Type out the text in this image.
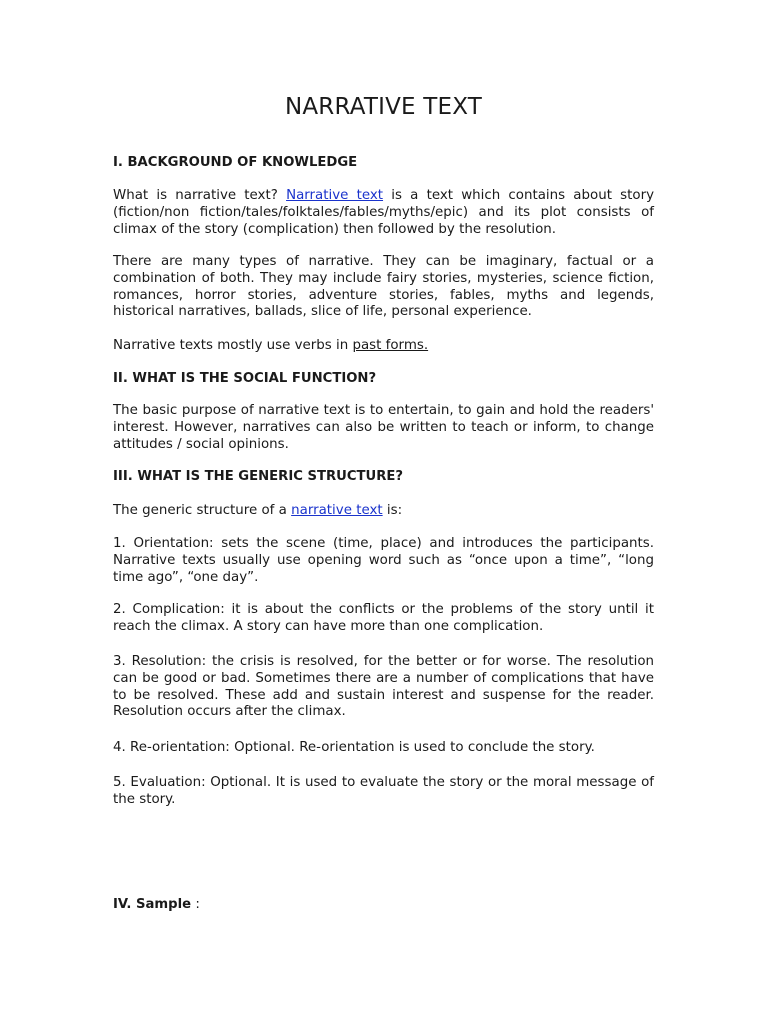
NARRATIVE TEXT

I. BACKGROUND OF KNOWLEDGE

What is narrative text? Narrative text is a text which contains about story (fiction/non fiction/tales/folktales/fables/myths/epic) and its plot consists of climax of the story (complication) then followed by the resolution.

There are many types of narrative. They can be imaginary, factual or a combination of both. They may include fairy stories, mysteries, science fiction, romances, horror stories, adventure stories, fables, myths and legends, historical narratives, ballads, slice of life, personal experience.

Narrative texts mostly use verbs in past forms.

II. WHAT IS THE SOCIAL FUNCTION?

The basic purpose of narrative text is to entertain, to gain and hold the readers' interest. However, narratives can also be written to teach or inform, to change attitudes / social opinions.

III. WHAT IS THE GENERIC STRUCTURE?

The generic structure of a narrative text is:

1. Orientation: sets the scene (time, place) and introduces the participants. Narrative texts usually use opening word such as “once upon a time”, “long time ago”, “one day”.

2. Complication: it is about the conflicts or the problems of the story until it reach the climax. A story can have more than one complication.

3. Resolution: the crisis is resolved, for the better or for worse. The resolution can be good or bad. Sometimes there are a number of complications that have to be resolved. These add and sustain interest and suspense for the reader. Resolution occurs after the climax.

4. Re-orientation: Optional. Re-orientation is used to conclude the story.

5. Evaluation: Optional. It is used to evaluate the story or the moral message of the story.

IV. Sample :
